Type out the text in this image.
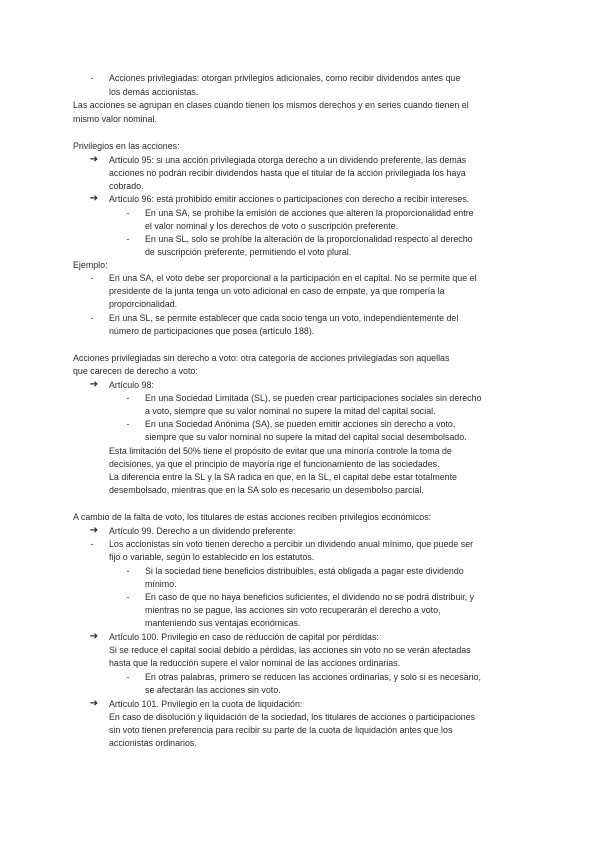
-	Acciones privilegiadas: otorgan privilegios adicionales, como recibir dividendos antes que
los demás accionistas.
Las acciones se agrupan en clases cuando tienen los mismos derechos y en series cuando tienen el
mismo valor nominal.
Privilegios en las acciones:
➔ Artículo 95: si una acción privilegiada otorga derecho a un dividendo preferente, las demás
acciones no podrán recibir dividendos hasta que el titular de la acción privilegiada los haya
cobrado.
➔ Artículo 96: está prohibido emitir acciones o participaciones con derecho a recibir intereses.
-	En una SA, se prohíbe la emisión de acciones que alteren la proporcionalidad entre
el valor nominal y los derechos de voto o suscripción preferente.
-	En una SL, solo se prohíbe la alteración de la proporcionalidad respecto al derecho
de suscripción preferente, permitiendo el voto plural.
Ejemplo:
-	En una SA, el voto debe ser proporcional a la participación en el capital. No se permite que el
presidente de la junta tenga un voto adicional en caso de empate, ya que rompería la
proporcionalidad.
-	En una SL, se permite establecer que cada socio tenga un voto, independientemente del
número de participaciones que posea (artículo 188).
Acciones privilegiadas sin derecho a voto: otra categoría de acciones privilegiadas son aquellas
que carecen de derecho a voto:
➔ Artículo 98:
-	En una Sociedad Limitada (SL), se pueden crear participaciones sociales sin derecho
a voto, siempre que su valor nominal no supere la mitad del capital social.
-	En una Sociedad Anónima (SA), se pueden emitir acciones sin derecho a voto,
siempre que su valor nominal no supere la mitad del capital social desembolsado.
Esta limitación del 50% tiene el propósito de evitar que una minoría controle la toma de
decisiones, ya que el principio de mayoría rige el funcionamiento de las sociedades.
La diferencia entre la SL y la SA radica en que, en la SL, el capital debe estar totalmente
desembolsado, mientras que en la SA solo es necesario un desembolso parcial.
A cambio de la falta de voto, los titulares de estas acciones reciben privilegios económicos:
➔ Artículo 99. Derecho a un dividendo preferente:
-	Los accionistas sin voto tienen derecho a percibir un dividendo anual mínimo, que puede ser
fijo o variable, según lo establecido en los estatutos.
-	Si la sociedad tiene beneficios distribuibles, está obligada a pagar este dividendo
mínimo.
-	En caso de que no haya beneficios suficientes, el dividendo no se podrá distribuir, y
mientras no se pague, las acciones sin voto recuperarán el derecho a voto,
manteniendo sus ventajas económicas.
➔ Artículo 100. Privilegio en caso de reducción de capital por pérdidas:
Si se reduce el capital social debido a pérdidas, las acciones sin voto no se verán afectadas
hasta que la reducción supere el valor nominal de las acciones ordinarias.
-	En otras palabras, primero se reducen las acciones ordinarias, y solo si es necesario,
se afectarán las acciones sin voto.
➔ Artículo 101. Privilegio en la cuota de liquidación:
En caso de disolución y liquidación de la sociedad, los titulares de acciones o participaciones
sin voto tienen preferencia para recibir su parte de la cuota de liquidación antes que los
accionistas ordinarios.
